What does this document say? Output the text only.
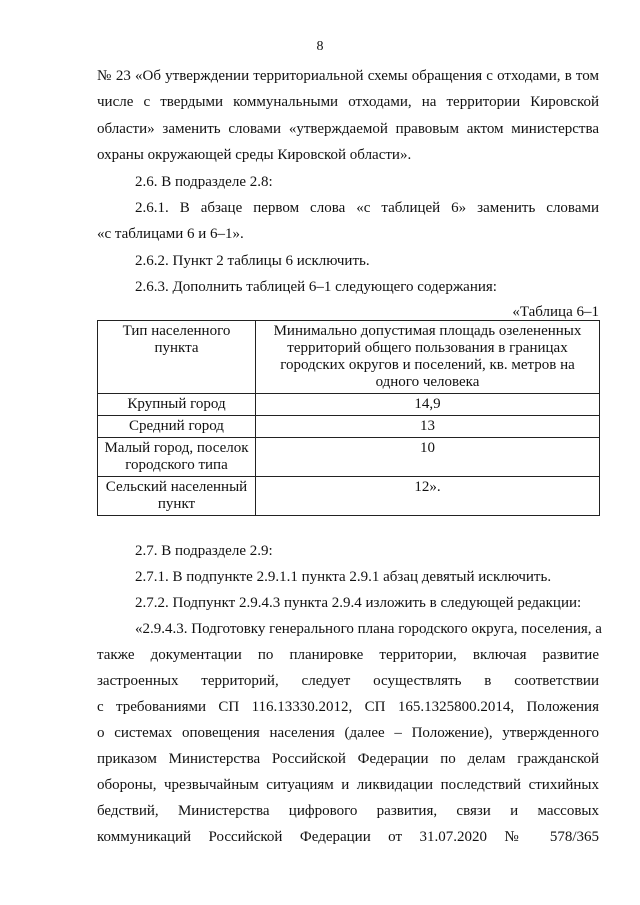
8
№ 23 «Об утверждении территориальной схемы обращения с отходами, в том
числе с твердыми коммунальными отходами, на территории Кировской
области» заменить словами «утверждаемой правовым актом министерства
охраны окружающей среды Кировской области».
2.6. В подразделе 2.8:
2.6.1. В абзаце первом слова «с таблицей 6» заменить словами
«с таблицами 6 и 6–1».
2.6.2. Пункт 2 таблицы 6 исключить.
2.6.3. Дополнить таблицей 6–1 следующего содержания:
«Таблица 6–1
Тип населенного пункта	Минимально допустимая площадь озелененных территорий общего пользования в границах городских округов и поселений, кв. метров на одного человека
Крупный город	14,9
Средний город	13
Малый город, поселок городского типа	10
Сельский населенный пункт	12».
2.7. В подразделе 2.9:
2.7.1. В подпункте 2.9.1.1 пункта 2.9.1 абзац девятый исключить.
2.7.2. Подпункт 2.9.4.3 пункта 2.9.4 изложить в следующей редакции:
«2.9.4.3. Подготовку генерального плана городского округа, поселения, а
также документации по планировке территории, включая развитие
застроенных территорий, следует осуществлять в соответствии
с требованиями СП 116.13330.2012, СП 165.1325800.2014, Положения
о системах оповещения населения (далее – Положение), утвержденного
приказом Министерства Российской Федерации по делам гражданской
обороны, чрезвычайным ситуациям и ликвидации последствий стихийных
бедствий, Министерства цифрового развития, связи и массовых
коммуникаций Российской Федерации от 31.07.2020 № 578/365
